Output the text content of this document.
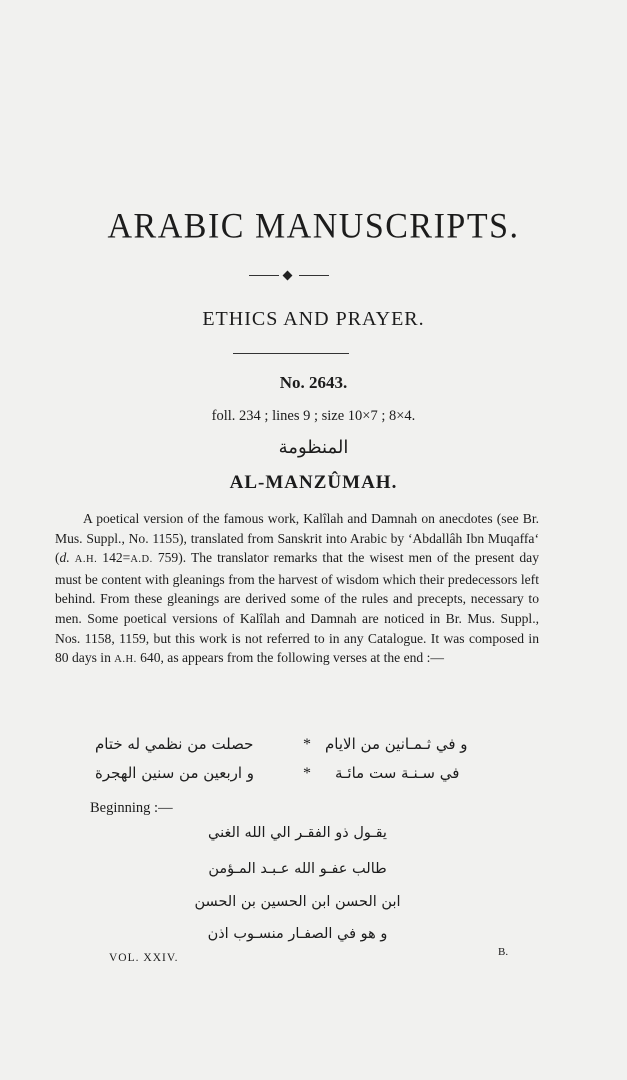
ARABIC MANUSCRIPTS.
ETHICS AND PRAYER.
No. 2643.
foll. 234 ; lines 9 ; size 10×7 ; 8×4.
المنظومة
AL-MANZÛMAH.
A poetical version of the famous work, Kalîlah and Damnah on anecdotes (see Br. Mus. Suppl., No. 1155), translated from Sanskrit into Arabic by ‘Abdallâh Ibn Muqaffa‘ (d. A.H. 142=A.D. 759). The translator remarks that the wisest men of the present day must be content with gleanings from the harvest of wisdom which their predecessors left behind. From these gleanings are derived some of the rules and precepts, necessary to men. Some poetical versions of Kalîlah and Damnah are noticed in Br. Mus. Suppl., Nos. 1158, 1159, but this work is not referred to in any Catalogue. It was composed in 80 days in A.H. 640, as appears from the following verses at the end :—
و في ثـمـانين من الايام
*
حصلت من نظمي له ختام
في سـنـة ست مائـة
*
و اربعين من سنين الهجرة
Beginning :—
يقـول ذو الفقـر الي الله الغني
طالب عفـو الله عـبـد المـؤمن
ابن الحسن ابن الحسين بن الحسن
و هو في الصفـار منسـوب اذن
VOL. XXIV.	B.
